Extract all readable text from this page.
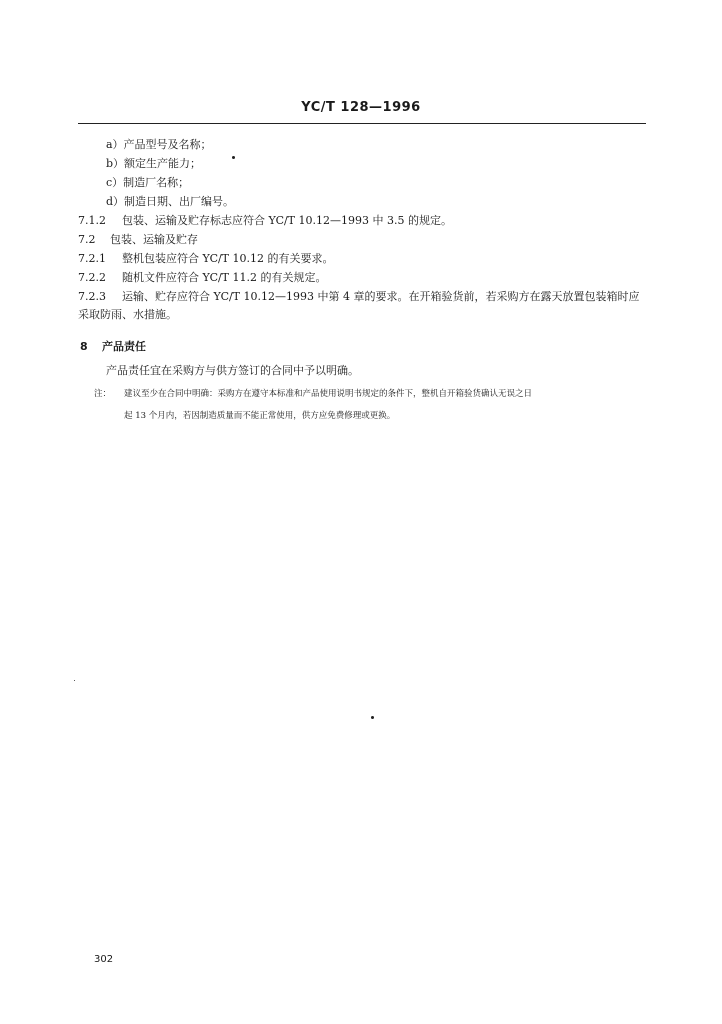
YC/T 128—1996
a）产品型号及名称；
b）额定生产能力；
c）制造厂名称；
d）制造日期、出厂编号。
7.1.2 包装、运输及贮存标志应符合 YC/T 10.12—1993 中 3.5 的规定。
7.2 包装、运输及贮存
7.2.1 整机包装应符合 YC/T 10.12 的有关要求。
7.2.2 随机文件应符合 YC/T 11.2 的有关规定。
7.2.3 运输、贮存应符合 YC/T 10.12—1993 中第 4 章的要求。在开箱验货前，若采购方在露天放置包装箱时应采取防雨、水措施。
8 产品责任
产品责任宜在采购方与供方签订的合同中予以明确。
注： 建议至少在合同中明确：采购方在遵守本标准和产品使用说明书规定的条件下，整机自开箱验货确认无误之日
起 13 个月内，若因制造质量而不能正常使用，供方应免费修理或更换。
302
